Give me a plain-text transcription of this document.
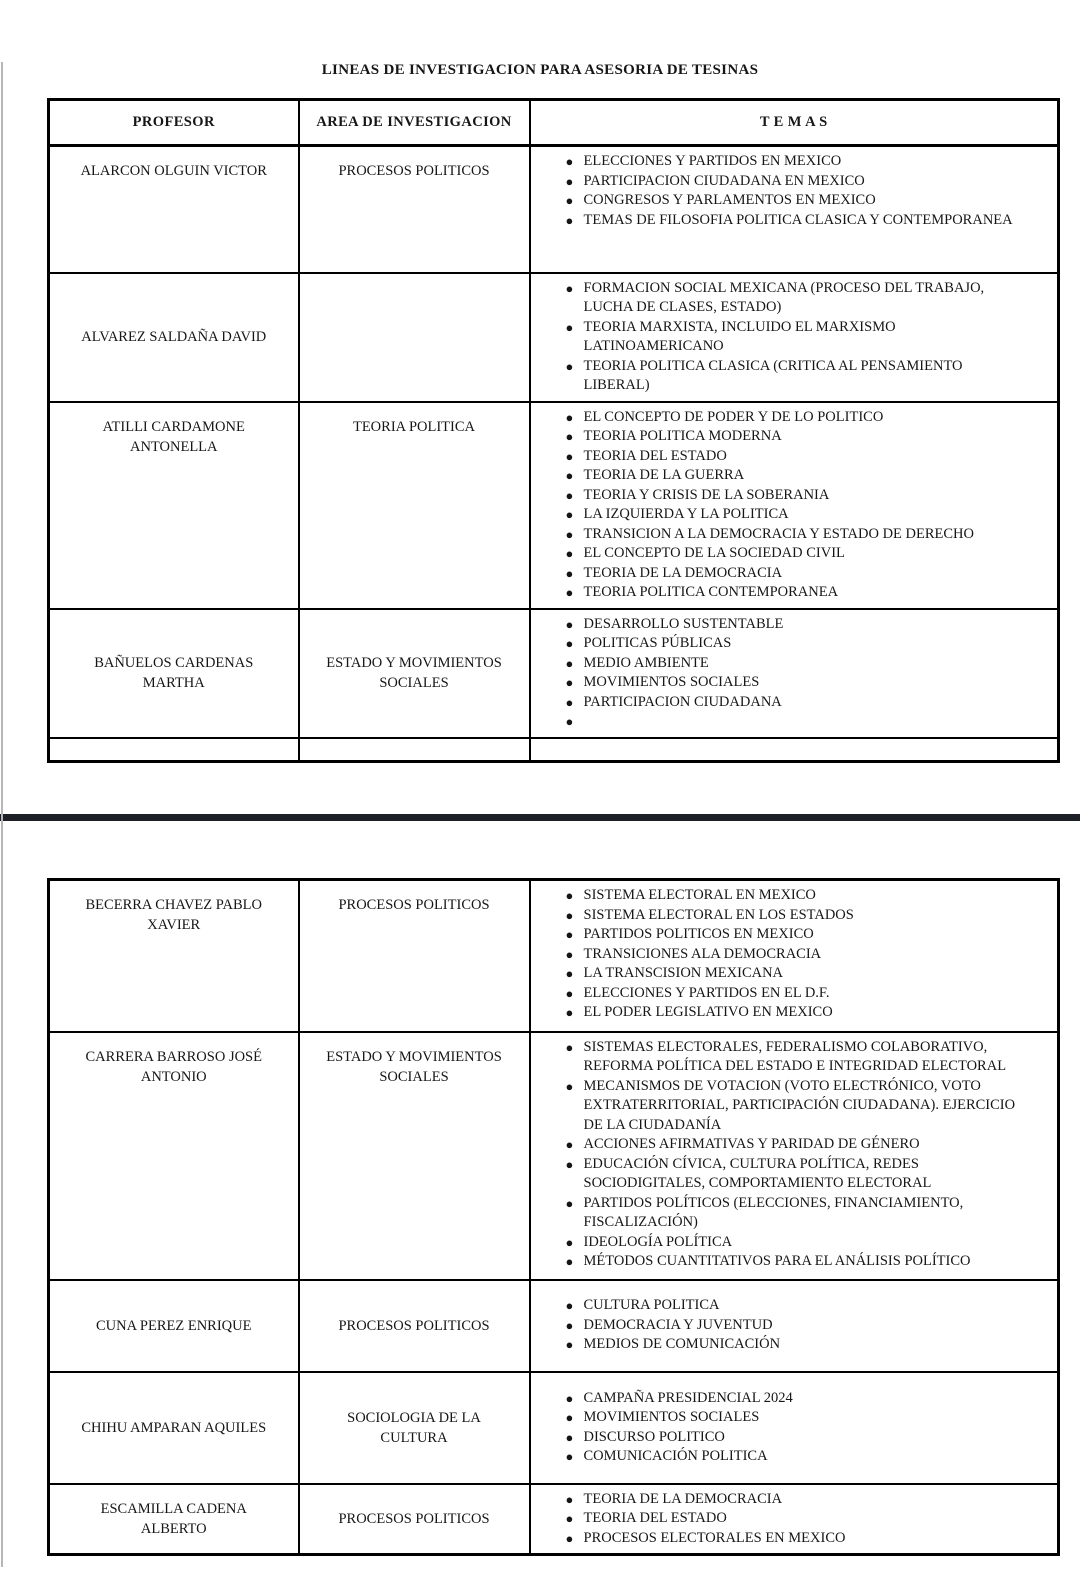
LINEAS DE INVESTIGACION PARA ASESORIA DE TESINAS
PROFESOR	AREA DE INVESTIGACION	T E M A S
ALARCON OLGUIN VICTOR	PROCESOS POLITICOS	
● ELECCIONES Y PARTIDOS EN MEXICO
● PARTICIPACION CIUDADANA EN MEXICO
● CONGRESOS Y PARLAMENTOS EN MEXICO
● TEMAS DE FILOSOFIA POLITICA CLASICA Y CONTEMPORANEA

ALVAREZ SALDAÑA DAVID		
● FORMACION SOCIAL MEXICANA (PROCESO DEL TRABAJO, LUCHA DE CLASES, ESTADO)
● TEORIA MARXISTA, INCLUIDO EL MARXISMO LATINOAMERICANO
● TEORIA POLITICA CLASICA (CRITICA AL PENSAMIENTO LIBERAL)

ATILLI CARDAMONE ANTONELLA	TEORIA POLITICA	
● EL CONCEPTO DE PODER Y DE LO POLITICO
● TEORIA POLITICA MODERNA
● TEORIA DEL ESTADO
● TEORIA DE LA GUERRA
● TEORIA Y CRISIS DE LA SOBERANIA
● LA IZQUIERDA Y LA POLITICA
● TRANSICION A LA DEMOCRACIA Y ESTADO DE DERECHO
● EL CONCEPTO DE LA SOCIEDAD CIVIL
● TEORIA DE LA DEMOCRACIA
● TEORIA POLITICA CONTEMPORANEA

BAÑUELOS CARDENAS MARTHA	ESTADO Y MOVIMIENTOS SOCIALES	
● DESARROLLO SUSTENTABLE
● POLITICAS PÚBLICAS
● MEDIO AMBIENTE
● MOVIMIENTOS SOCIALES
● PARTICIPACION CIUDADANA
●

BECERRA CHAVEZ PABLO XAVIER	PROCESOS POLITICOS	
● SISTEMA ELECTORAL EN MEXICO
● SISTEMA ELECTORAL EN LOS ESTADOS
● PARTIDOS POLITICOS EN MEXICO
● TRANSICIONES ALA DEMOCRACIA
● LA TRANSCISION MEXICANA
● ELECCIONES Y PARTIDOS EN EL D.F.
● EL PODER LEGISLATIVO EN MEXICO

CARRERA BARROSO JOSÉ ANTONIO	ESTADO Y MOVIMIENTOS SOCIALES	
● SISTEMAS ELECTORALES, FEDERALISMO COLABORATIVO, REFORMA POLÍTICA DEL ESTADO E INTEGRIDAD ELECTORAL
● MECANISMOS DE VOTACION (VOTO ELECTRÓNICO, VOTO EXTRATERRITORIAL, PARTICIPACIÓN CIUDADANA). EJERCICIO DE LA CIUDADANÍA
● ACCIONES AFIRMATIVAS Y PARIDAD DE GÉNERO
● EDUCACIÓN CÍVICA, CULTURA POLÍTICA, REDES SOCIODIGITALES, COMPORTAMIENTO ELECTORAL
● PARTIDOS POLÍTICOS (ELECCIONES, FINANCIAMIENTO, FISCALIZACIÓN)
● IDEOLOGÍA POLÍTICA
● MÉTODOS CUANTITATIVOS PARA EL ANÁLISIS POLÍTICO

CUNA PEREZ ENRIQUE	PROCESOS POLITICOS	
● CULTURA POLITICA
● DEMOCRACIA Y JUVENTUD
● MEDIOS DE COMUNICACIÓN

CHIHU AMPARAN AQUILES	SOCIOLOGIA DE LA CULTURA	
● CAMPAÑA PRESIDENCIAL 2024
● MOVIMIENTOS SOCIALES
● DISCURSO POLITICO
● COMUNICACIÓN POLITICA

ESCAMILLA CADENA ALBERTO	PROCESOS POLITICOS	
● TEORIA DE LA DEMOCRACIA
● TEORIA DEL ESTADO
● PROCESOS ELECTORALES EN MEXICO
